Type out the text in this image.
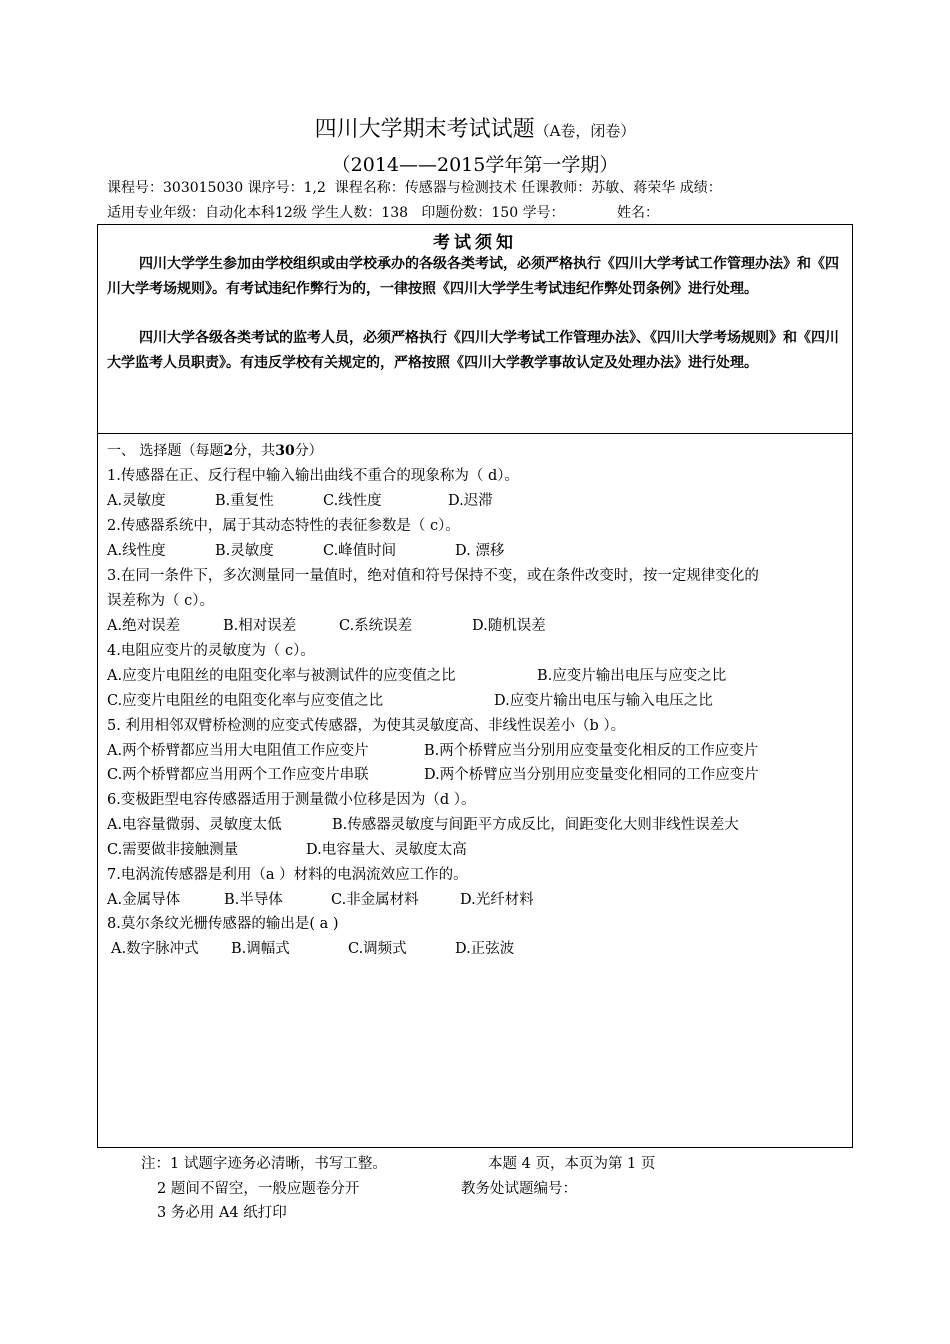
四川大学期末考试试题（A卷，闭卷）
（2014——2015学年第一学期）
课程号：303015030 课序号：1,2 课程名称：传感器与检测技术 任课教师：苏敏、蒋荣华 成绩：
适用专业年级：自动化本科12级 学生人数：138 印题份数：150 学号：	姓名：
考试须知

四川大学学生参加由学校组织或由学校承办的各级各类考试，必须严格执行《四川大学考试工作管理办法》和《四川大学考场规则》。有考试违纪作弊行为的，一律按照《四川大学学生考试违纪作弊处罚条例》进行处理。

四川大学各级各类考试的监考人员，必须严格执行《四川大学考试工作管理办法》、《四川大学考场规则》和《四川大学监考人员职责》。有违反学校有关规定的，严格按照《四川大学教学事故认定及处理办法》进行处理。

一、 选择题（每题2分，共30分）
1.传感器在正、反行程中输入输出曲线不重合的现象称为（ d）。
A.灵敏度	B.重复性	C.线性度	D.迟滞
2.传感器系统中，属于其动态特性的表征参数是（ c）。
A.线性度	B.灵敏度	C.峰值时间	D. 漂移
3.在同一条件下，多次测量同一量值时，绝对值和符号保持不变，或在条件改变时，按一定规律变化的
误差称为（ c）。
A.绝对误差	B.相对误差	C.系统误差	D.随机误差
4.电阻应变片的灵敏度为（ c）。
A.应变片电阻丝的电阻变化率与被测试件的应变值之比	B.应变片输出电压与应变之比
C.应变片电阻丝的电阻变化率与应变值之比	D.应变片输出电压与输入电压之比
5. 利用相邻双臂桥检测的应变式传感器，为使其灵敏度高、非线性误差小（b ）。
A.两个桥臂都应当用大电阻值工作应变片	B.两个桥臂应当分别用应变量变化相反的工作应变片
C.两个桥臂都应当用两个工作应变片串联	D.两个桥臂应当分别用应变量变化相同的工作应变片
6.变极距型电容传感器适用于测量微小位移是因为（d ）。
A.电容量微弱、灵敏度太低	B.传感器灵敏度与间距平方成反比，间距变化大则非线性误差大
C.需要做非接触测量	D.电容量大、灵敏度太高
7.电涡流传感器是利用（a ）材料的电涡流效应工作的。
A.金属导体	B.半导体	C.非金属材料	D.光纤材料
8.莫尔条纹光栅传感器的输出是( a )
A.数字脉冲式 B.调幅式	C.调频式	D.正弦波
注：1 试题字迹务必清晰，书写工整。	本题 4 页，本页为第 1 页
2 题间不留空，一般应题卷分开	教务处试题编号：
3 务必用 A4 纸打印
